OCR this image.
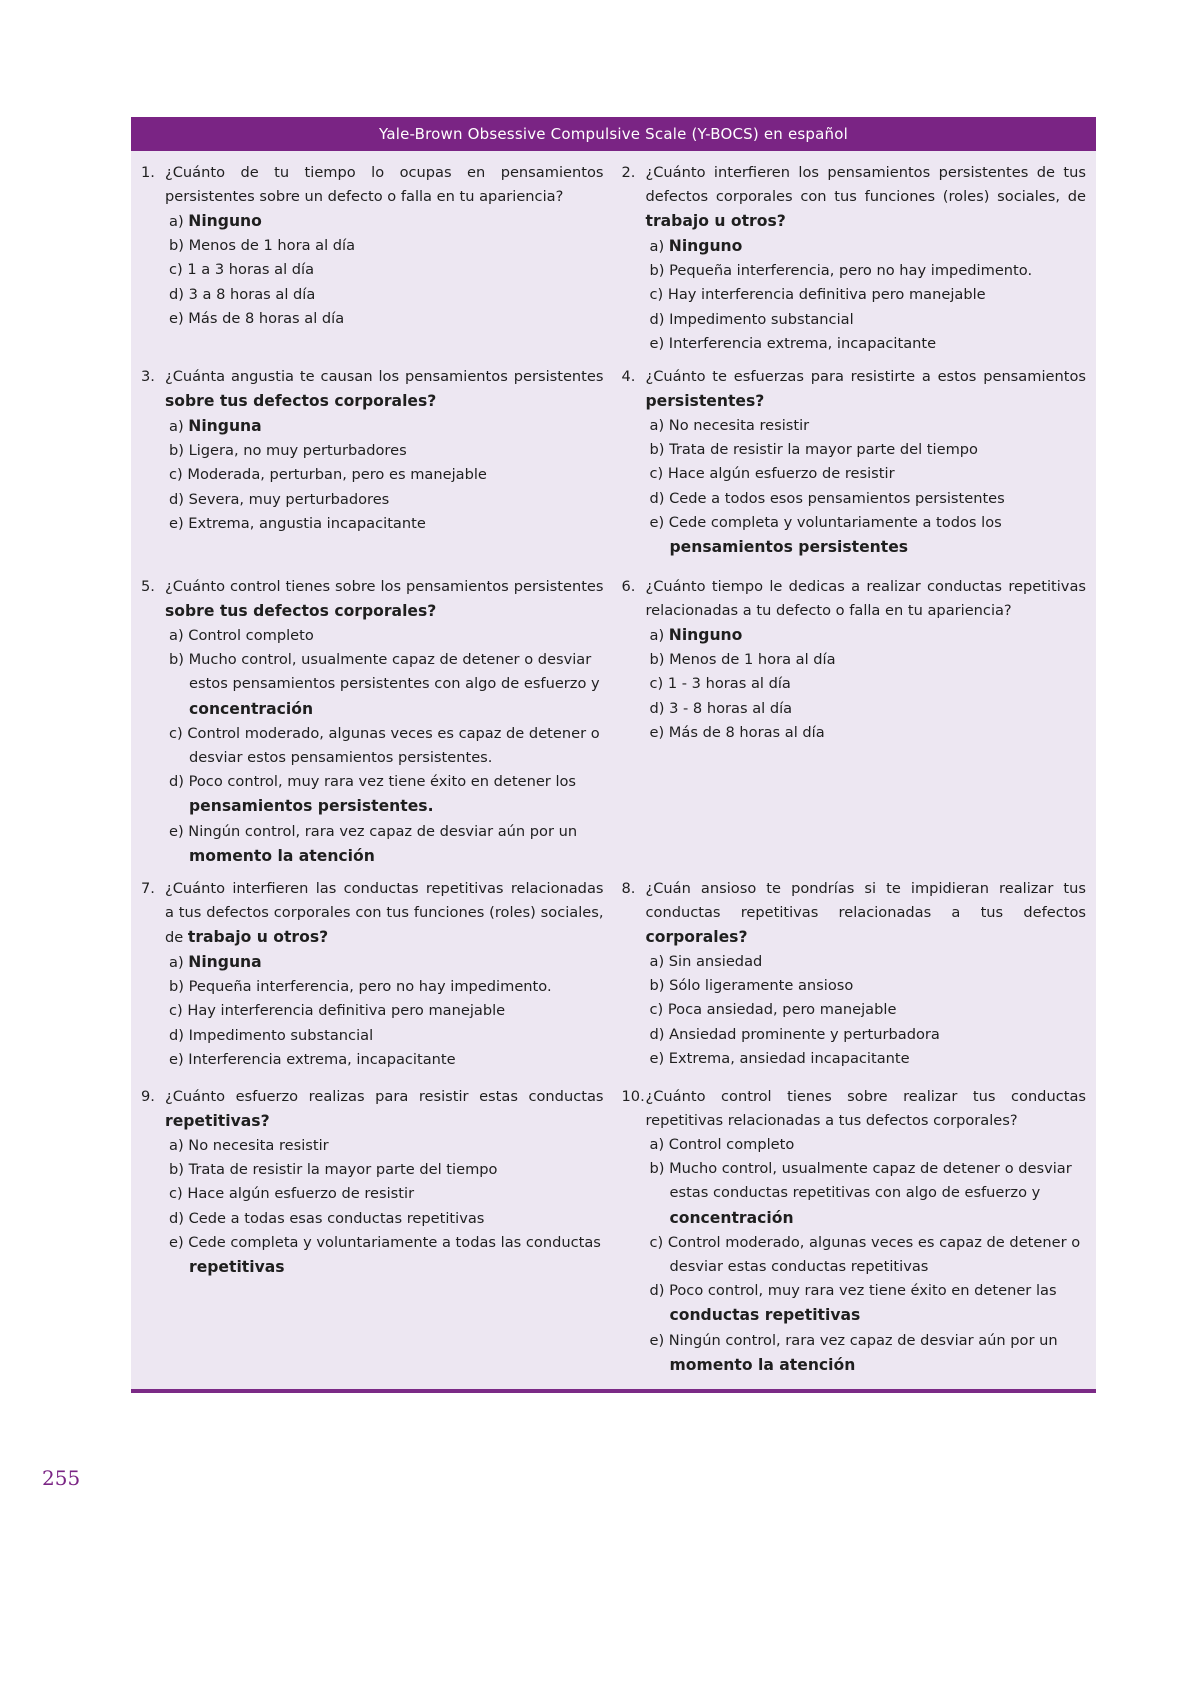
Yale-Brown Obsessive Compulsive Scale (Y-BOCS) en español
1. ¿Cuánto de tu tiempo lo ocupas en pensamientos persistentes sobre un defecto o falla en tu apariencia?
a) Ninguno
b) Menos de 1 hora al día
c) 1 a 3 horas al día
d) 3 a 8 horas al día
e) Más de 8 horas al día
2. ¿Cuánto interfieren los pensamientos persistentes de tus defectos corporales con tus funciones (roles) sociales, de trabajo u otros?
a) Ninguno
b) Pequeña interferencia, pero no hay impedimento.
c) Hay interferencia definitiva pero manejable
d) Impedimento substancial
e) Interferencia extrema, incapacitante
3. ¿Cuánta angustia te causan los pensamientos persistentes sobre tus defectos corporales?
a) Ninguna
b) Ligera, no muy perturbadores
c) Moderada, perturban, pero es manejable
d) Severa, muy perturbadores
e) Extrema, angustia incapacitante
4. ¿Cuánto te esfuerzas para resistirte a estos pensamientos persistentes?
a) No necesita resistir
b) Trata de resistir la mayor parte del tiempo
c) Hace algún esfuerzo de resistir
d) Cede a todos esos pensamientos persistentes
e) Cede completa y voluntariamente a todos los pensamientos persistentes
5. ¿Cuánto control tienes sobre los pensamientos persistentes sobre tus defectos corporales?
a) Control completo
b) Mucho control, usualmente capaz de detener o desviar estos pensamientos persistentes con algo de esfuerzo y concentración
c) Control moderado, algunas veces es capaz de detener o desviar estos pensamientos persistentes.
d) Poco control, muy rara vez tiene éxito en detener los pensamientos persistentes.
e) Ningún control, rara vez capaz de desviar aún por un momento la atención
6. ¿Cuánto tiempo le dedicas a realizar conductas repetitivas relacionadas a tu defecto o falla en tu apariencia?
a) Ninguno
b) Menos de 1 hora al día
c) 1 - 3 horas al día
d) 3 - 8 horas al día
e) Más de 8 horas al día
7. ¿Cuánto interfieren las conductas repetitivas relacionadas a tus defectos corporales con tus funciones (roles) sociales, de trabajo u otros?
a) Ninguna
b) Pequeña interferencia, pero no hay impedimento.
c) Hay interferencia definitiva pero manejable
d) Impedimento substancial
e) Interferencia extrema, incapacitante
8. ¿Cuán ansioso te pondrías si te impidieran realizar tus conductas repetitivas relacionadas a tus defectos corporales?
a) Sin ansiedad
b) Sólo ligeramente ansioso
c) Poca ansiedad, pero manejable
d) Ansiedad prominente y perturbadora
e) Extrema, ansiedad incapacitante
9. ¿Cuánto esfuerzo realizas para resistir estas conductas repetitivas?
a) No necesita resistir
b) Trata de resistir la mayor parte del tiempo
c) Hace algún esfuerzo de resistir
d) Cede a todas esas conductas repetitivas
e) Cede completa y voluntariamente a todas las conductas repetitivas
10. ¿Cuánto control tienes sobre realizar tus conductas repetitivas relacionadas a tus defectos corporales?
a) Control completo
b) Mucho control, usualmente capaz de detener o desviar estas conductas repetitivas con algo de esfuerzo y concentración
c) Control moderado, algunas veces es capaz de detener o desviar estas conductas repetitivas
d) Poco control, muy rara vez tiene éxito en detener las conductas repetitivas
e) Ningún control, rara vez capaz de desviar aún por un momento la atención
255
